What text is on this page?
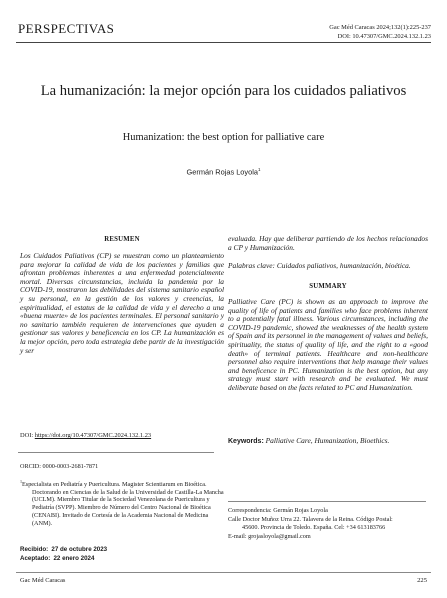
PERSPECTIVAS	Gac Méd Caracas 2024;132(1):225-237
DOI: 10.47307/GMC.2024.132.1.23
La humanización: la mejor opción para los cuidados paliativos
Humanization: the best option for palliative care
Germán Rojas Loyola$^1$
RESUMEN

Los Cuidados Paliativos (CP) se muestran como un planteamiento para mejorar la calidad de vida de los pacientes y familias que afrontan problemas inherentes a una enfermedad potencialmente mortal. Diversas circunstancias, incluida la pandemia por la COVID-19, mostraron las debilidades del sistema sanitario español y su personal, en la gestión de los valores y creencias, la espiritualidad, el estatus de la calidad de vida y el derecho a una «buena muerte» de los pacientes terminales. El personal sanitario y no sanitario también requieren de intervenciones que ayuden a gestionar sus valores y beneficencia en los CP. La humanización es la mejor opción, pero toda estrategia debe partir de la investigación y ser

DOI: https://doi.org/10.47307/GMC.2024.132.1.23
ORCID: 0000-0003-2681-7871
$^1$Especialista en Pediatría y Puericultura. Magister Scientiarum en Bioética. Doctorando en Ciencias de la Salud de la Universidad de Castilla-La Mancha (UCLM). Miembro Titular de la Sociedad Venezolana de Puericultura y Pediatría (SVPP). Miembro de Número del Centro Nacional de Bioética (CENABI). Invitado de Cortesía de la Academia Nacional de Medicina (ANM).
Recibido: 27 de octubre 2023
Aceptado: 22 enero 2024

evaluada. Hay que deliberar partiendo de los hechos relacionados a CP y Humanización.

Palabras clave: Cuidados paliativos, humanización, bioética.

SUMMARY

Palliative Care (PC) is shown as an approach to improve the quality of life of patients and families who face problems inherent to a potentially fatal illness. Various circumstances, including the COVID-19 pandemic, showed the weaknesses of the health system of Spain and its personnel in the management of values and beliefs, spirituality, the status of quality of life, and the right to a «good death» of terminal patients. Healthcare and non-healthcare personnel also require interventions that help manage their values and beneficence in PC. Humanization is the best option, but any strategy must start with research and be evaluated. We must deliberate based on the facts related to PC and Humanization.

Keywords: Palliative Care, Humanization, Bioethics.
Correspondencia: Germán Rojas Loyola
Calle Doctor Muñoz Urra 22. Talavera de la Reina. Código Postal:
45600. Provincia de Toledo. España. Cel: +34 613183766
E-mail: grojasloyola@gmail.com
Gac Méd Caracas	225
